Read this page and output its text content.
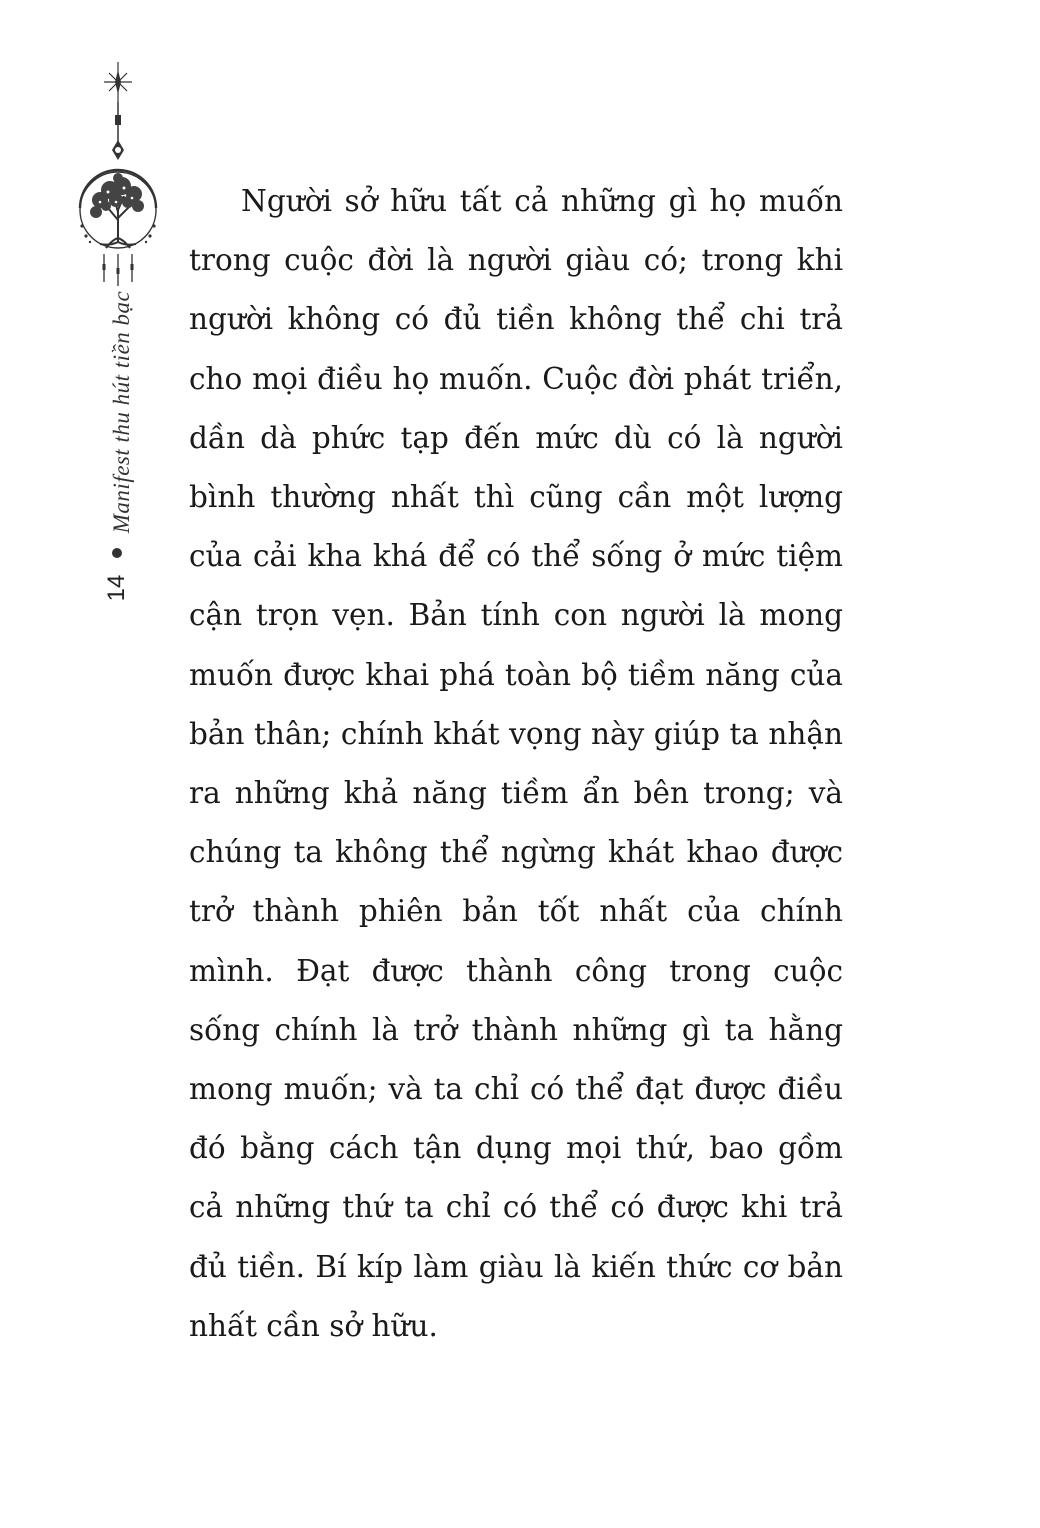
Manifest thu hút tiền bạc
14

Người sở hữu tất cả những gì họ muốn trong cuộc đời là người giàu có; trong khi người không có đủ tiền không thể chi trả cho mọi điều họ muốn. Cuộc đời phát triển, dần dà phức tạp đến mức dù có là người bình thường nhất thì cũng cần một lượng của cải kha khá để có thể sống ở mức tiệm cận trọn vẹn. Bản tính con người là mong muốn được khai phá toàn bộ tiềm năng của bản thân; chính khát vọng này giúp ta nhận ra những khả năng tiềm ẩn bên trong; và chúng ta không thể ngừng khát khao được trở thành phiên bản tốt nhất của chính mình. Đạt được thành công trong cuộc sống chính là trở thành những gì ta hằng mong muốn; và ta chỉ có thể đạt được điều đó bằng cách tận dụng mọi thứ, bao gồm cả những thứ ta chỉ có thể có được khi trả đủ tiền. Bí kíp làm giàu là kiến thức cơ bản nhất cần sở hữu.
